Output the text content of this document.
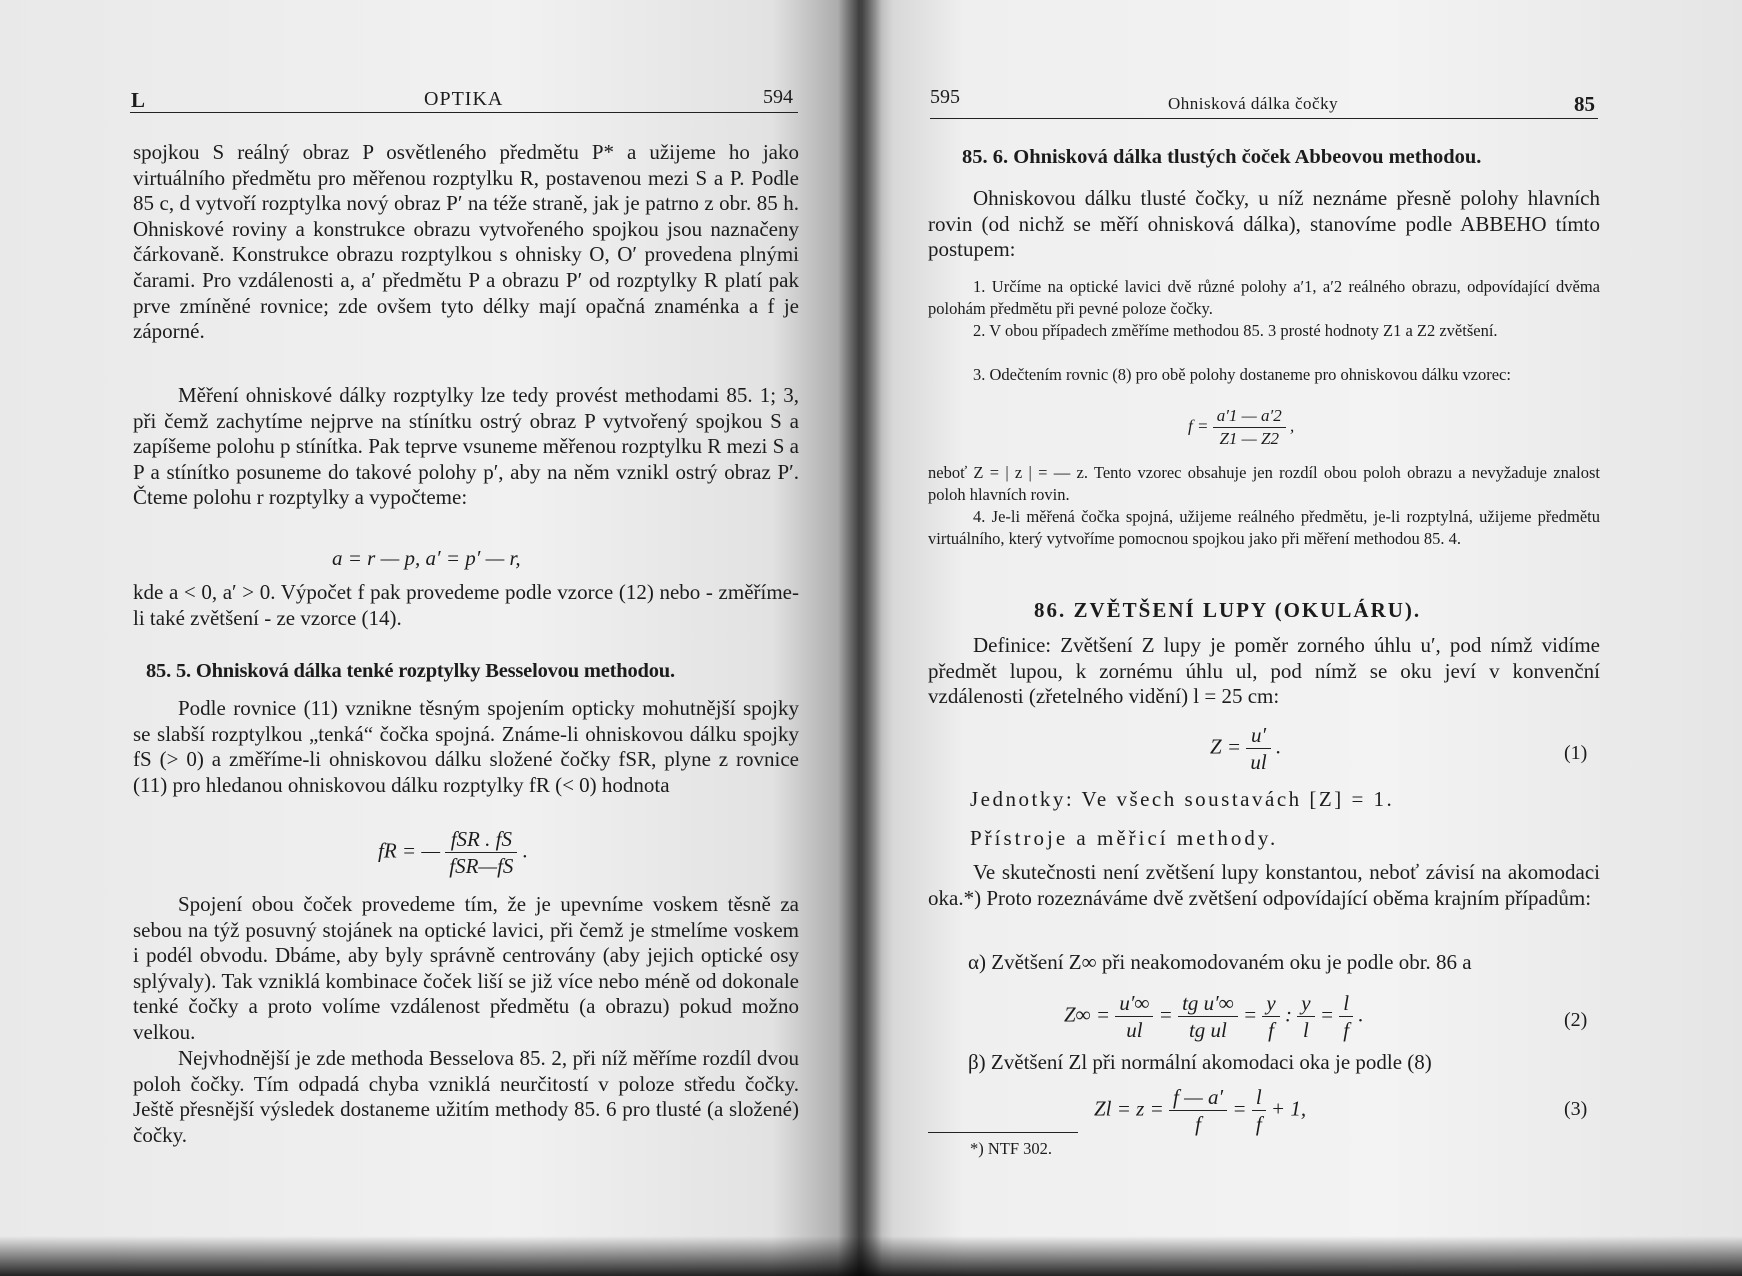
L	OPTIKA	594

spojkou S reálný obraz P osvětleného předmětu P* a užijeme ho jako virtuálního předmětu pro měřenou rozptylku R, postavenou mezi S a P. Podle 85 c, d vytvoří rozptylka nový obraz P′ na téže straně, jak je patrno z obr. 85 h. Ohniskové roviny a konstrukce obrazu vytvořeného spojkou jsou naznačeny čárkovaně. Konstrukce obrazu rozptylkou s ohnisky O, O′ provedena plnými čarami. Pro vzdálenosti a, a′ předmětu P a obrazu P′ od rozptylky R platí pak prve zmíněné rovnice; zde ovšem tyto délky mají opačná znaménka a f je záporné.

Měření ohniskové dálky rozptylky lze tedy provést methodami 85. 1; 3, při čemž zachytíme nejprve na stínítku ostrý obraz P vytvořený spojkou S a zapíšeme polohu p stínítka. Pak teprve vsuneme měřenou rozptylku R mezi S a P a stínítko posuneme do takové polohy p′, aby na něm vznikl ostrý obraz P′. Čteme polohu r rozptylky a vypočteme:

a = r — p, a′ = p′ — r,

kde a < 0, a′ > 0. Výpočet f pak provedeme podle vzorce (12) nebo - změříme-li také zvětšení - ze vzorce (14).

85. 5. Ohnisková dálka tenké rozptylky Besselovou methodou.

Podle rovnice (11) vznikne těsným spojením opticky mohutnější spojky se slabší rozptylkou „tenká“ čočka spojná. Známe-li ohniskovou dálku spojky fS (> 0) a změříme-li ohniskovou dálku složené čočky fSR, plyne z rovnice (11) pro hledanou ohniskovou dálku rozptylky fR (< 0) hodnota

fR = — $\frac{\text{fSR . fS}}{\text{fSR—fS}}$ .

Spojení obou čoček provedeme tím, že je upevníme voskem těsně za sebou na týž posuvný stojánek na optické lavici, při čemž je stmelíme voskem i podél obvodu. Dbáme, aby byly správně centrovány (aby jejich optické osy splývaly). Tak vzniklá kombinace čoček liší se již více nebo méně od dokonale tenké čočky a proto volíme vzdálenost předmětu (a obrazu) pokud možno velkou.

Nejvhodnější je zde methoda Besselova 85. 2, při níž měříme rozdíl dvou poloh čočky. Tím odpadá chyba vzniklá neurčitostí v poloze středu čočky. Ještě přesnější výsledek dostaneme užitím methody 85. 6 pro tlusté (a složené) čočky.

595	Ohnisková dálka čočky	85
85. 6. Ohnisková dálka tlustých čoček Abbeovou methodou.

Ohniskovou dálku tlusté čočky, u níž neznáme přesně polohy hlavních rovin (od nichž se měří ohnisková dálka), stanovíme podle ABBEHO tímto postupem:

1. Určíme na optické lavici dvě různé polohy a′1, a′2 reálného obrazu, odpovídající dvěma polohám předmětu při pevné poloze čočky.

2. V obou případech změříme methodou 85. 3 prosté hodnoty Z1 a Z2 zvětšení.

3. Odečtením rovnic (8) pro obě polohy dostaneme pro ohniskovou dálku vzorec:

$f = \frac{a'1 — a'2}{Z1 — Z2}$ ,

neboť Z = | z | = — z. Tento vzorec obsahuje jen rozdíl obou poloh obrazu a nevyžaduje znalost poloh hlavních rovin.

4. Je-li měřená čočka spojná, užijeme reálného předmětu, je-li rozptylná, užijeme předmětu virtuálního, který vytvoříme pomocnou spojkou jako při měření methodou 85. 4.

86. ZVĚTŠENÍ LUPY (OKULÁRU).

Definice: Zvětšení Z lupy je poměr zorného úhlu u′, pod nímž vidíme předmět lupou, k zornému úhlu ul, pod nímž se oku jeví v konvenční vzdálenosti (zřetelného vidění) l = 25 cm:

$Z = \frac{u'}{ul}$ .	(1)

Jednotky: Ve všech soustavách [Z] = 1.

Přístroje a měřicí methody.

Ve skutečnosti není zvětšení lupy konstantou, neboť závisí na akomodaci oka.*) Proto rozeznáváme dvě zvětšení odpovídající oběma krajním případům:

α) Zvětšení Z∞ při neakomodovaném oku je podle obr. 86 a

$Z\infty = \frac{u'\infty}{ul} = \frac{\text{tg u′∞}}{\text{tg ul}} = \frac{y}{f}$ : $\frac{y}{l} = \frac{l}{f}$ .	(2)

β) Zvětšení Zl při normální akomodaci oka je podle (8)

$Zl = z = \frac{f — a'}{f} = \frac{l}{f} + 1$,	(3)

*) NTF 302.
